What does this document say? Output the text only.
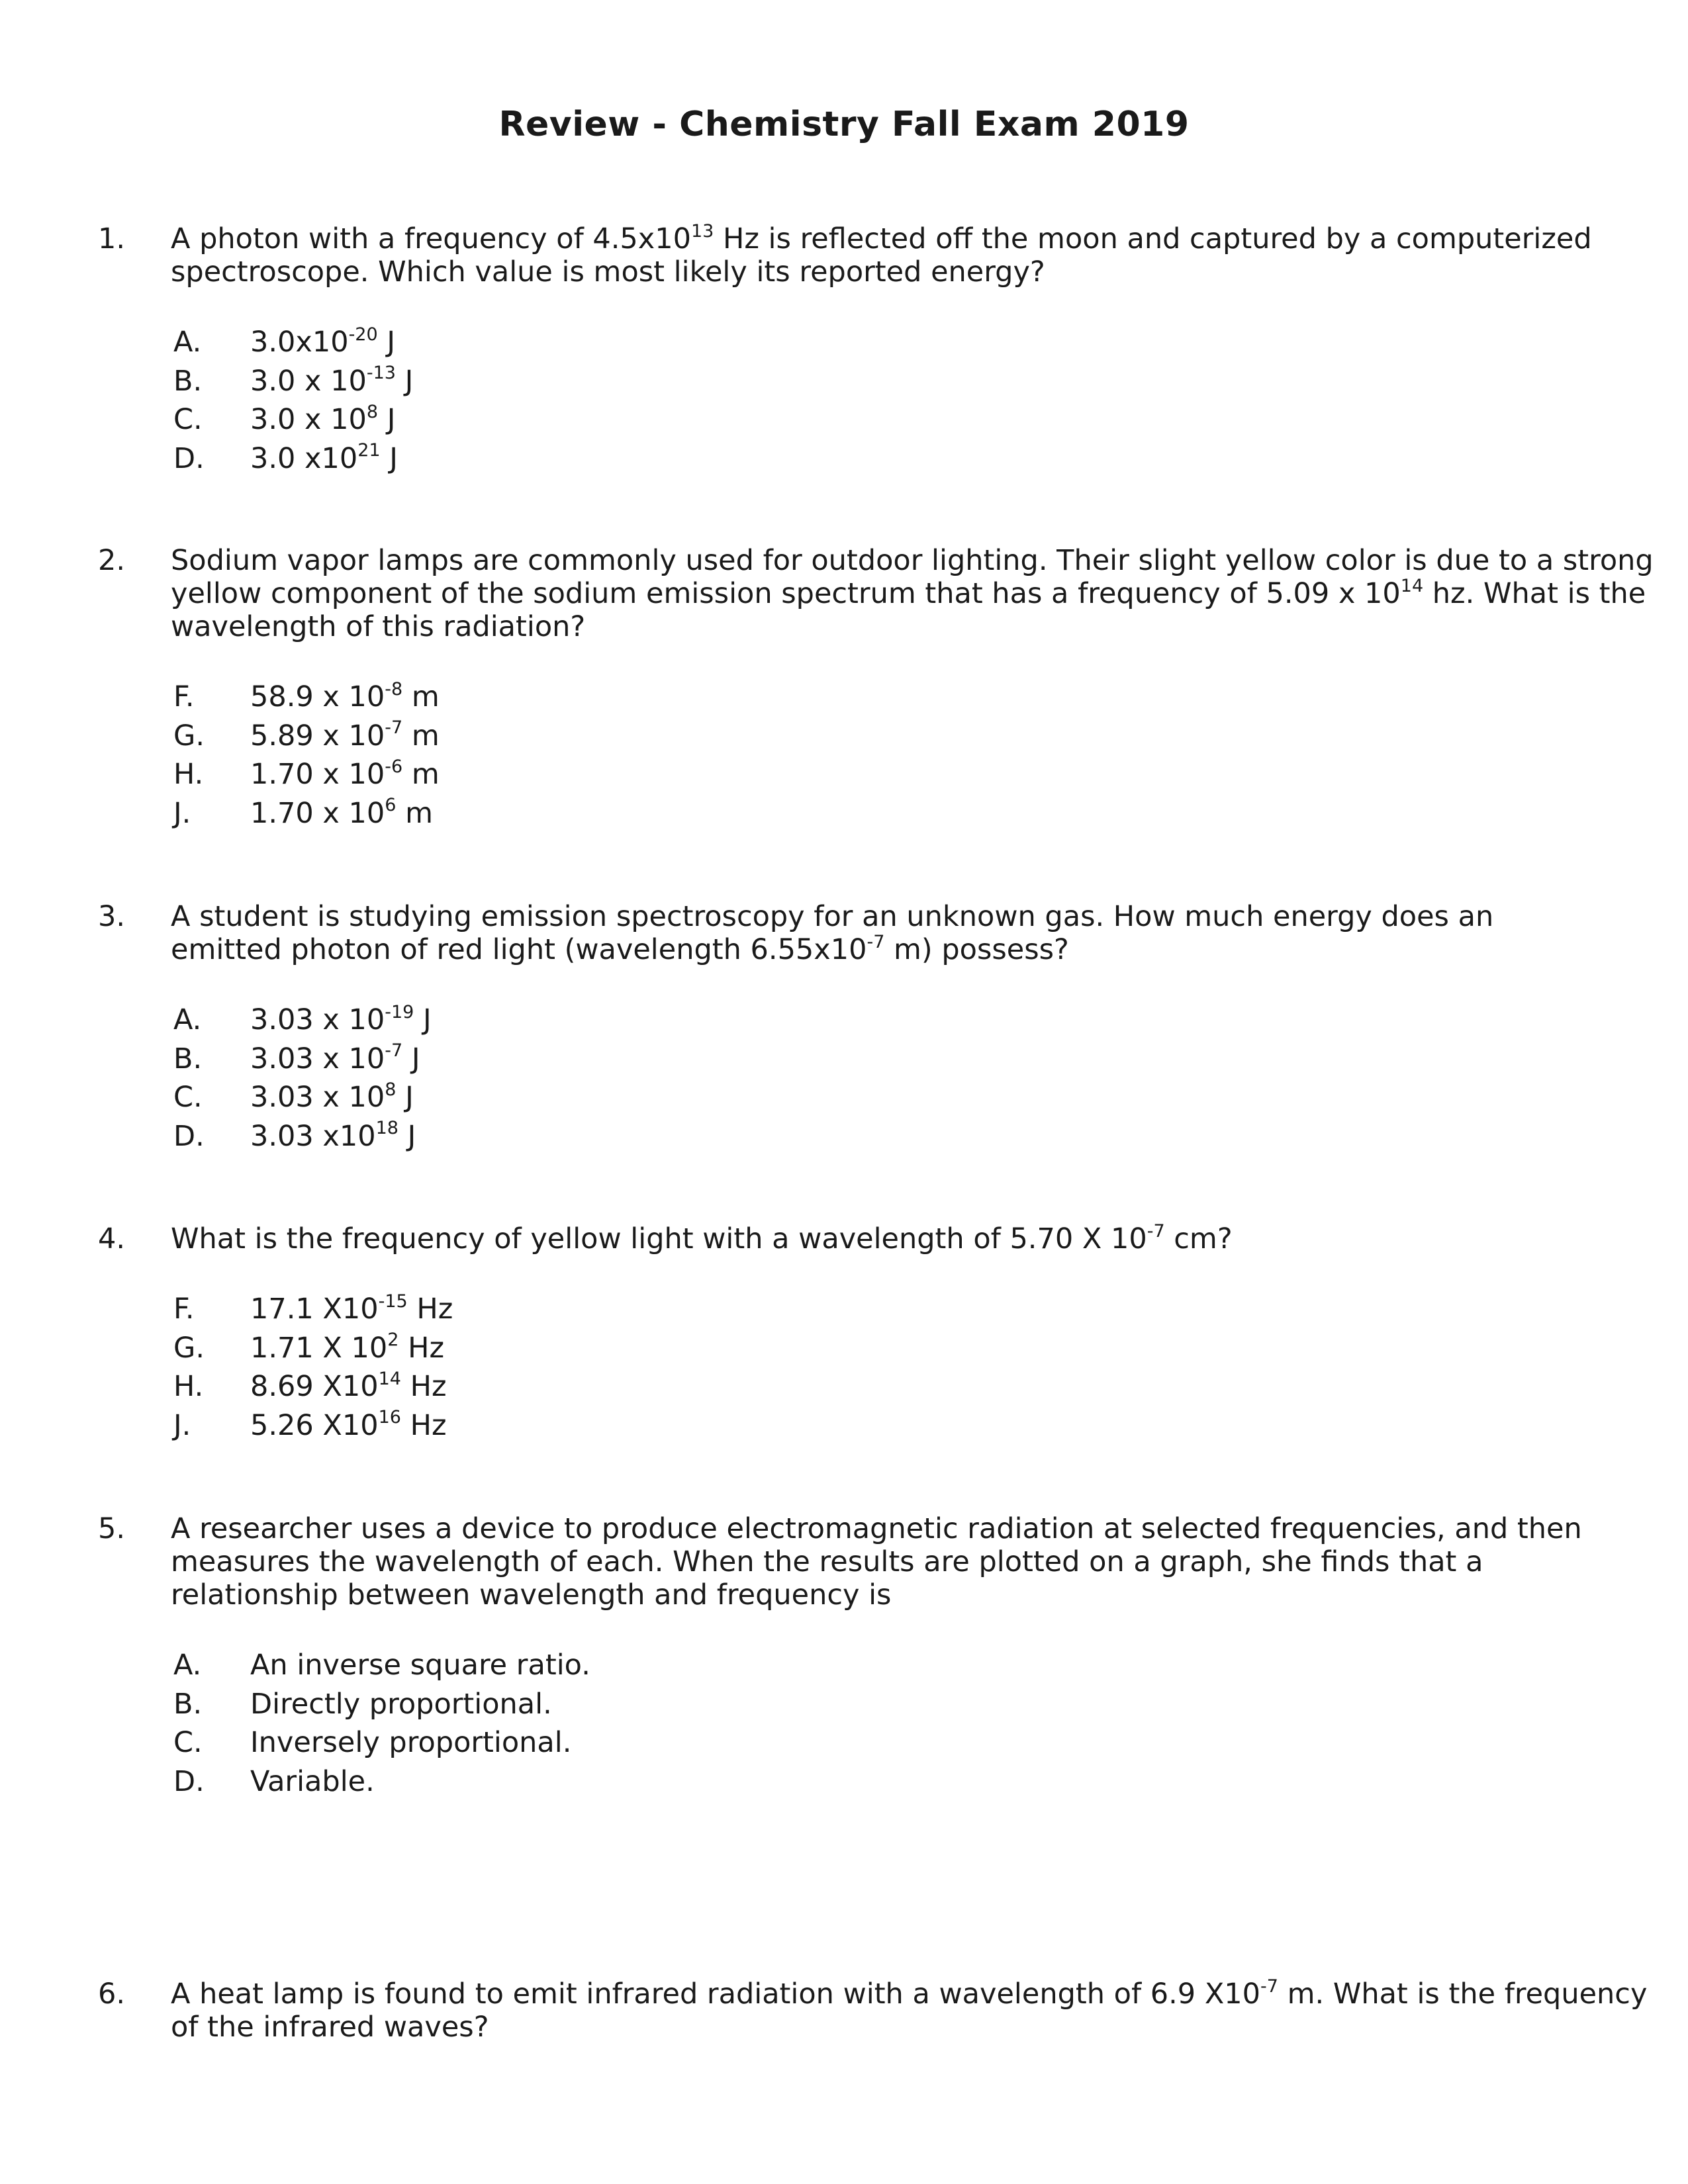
Review - Chemistry Fall Exam 2019
1. A photon with a frequency of $4.5x10^{13}$ Hz is reflected off the moon and captured by a computerized spectroscope. Which value is most likely its reported energy?
A. $3.0x10^{-20}$ J
B. 3.0 x $10^{-13}$ J
C. 3.0 x $10^8$ J
D. 3.0 $x10^{21}$ J
2. Sodium vapor lamps are commonly used for outdoor lighting. Their slight yellow color is due to a strong yellow component of the sodium emission spectrum that has a frequency of 5.09 x $10^{14}$ hz. What is the wavelength of this radiation?
F. 58.9 x $10^{-8}$ m
G. 5.89 x $10^{-7}$ m
H. 1.70 x $10^{-6}$ m
J. 1.70 x $10^6$ m
3. A student is studying emission spectroscopy for an unknown gas. How much energy does an emitted photon of red light (wavelength $6.55x10^{-7}$ m) possess?
A. 3.03 x $10^{-19}$ J
B. 3.03 x $10^{-7}$ J
C. 3.03 x $10^8$ J
D. 3.03 $x10^{18}$ J
4. What is the frequency of yellow light with a wavelength of 5.70 X $10^{-7}$ cm?
F. 17.1 $X10^{-15}$ Hz
G. 1.71 X $10^2$ Hz
H. 8.69 $X10^{14}$ Hz
J. 5.26 $X10^{16}$ Hz
5. A researcher uses a device to produce electromagnetic radiation at selected frequencies, and then measures the wavelength of each. When the results are plotted on a graph, she finds that a relationship between wavelength and frequency is
A. An inverse square ratio.
B. Directly proportional.
C. Inversely proportional.
D. Variable.
6. A heat lamp is found to emit infrared radiation with a wavelength of 6.9 $X10^{-7}$ m. What is the frequency of the infrared waves?
